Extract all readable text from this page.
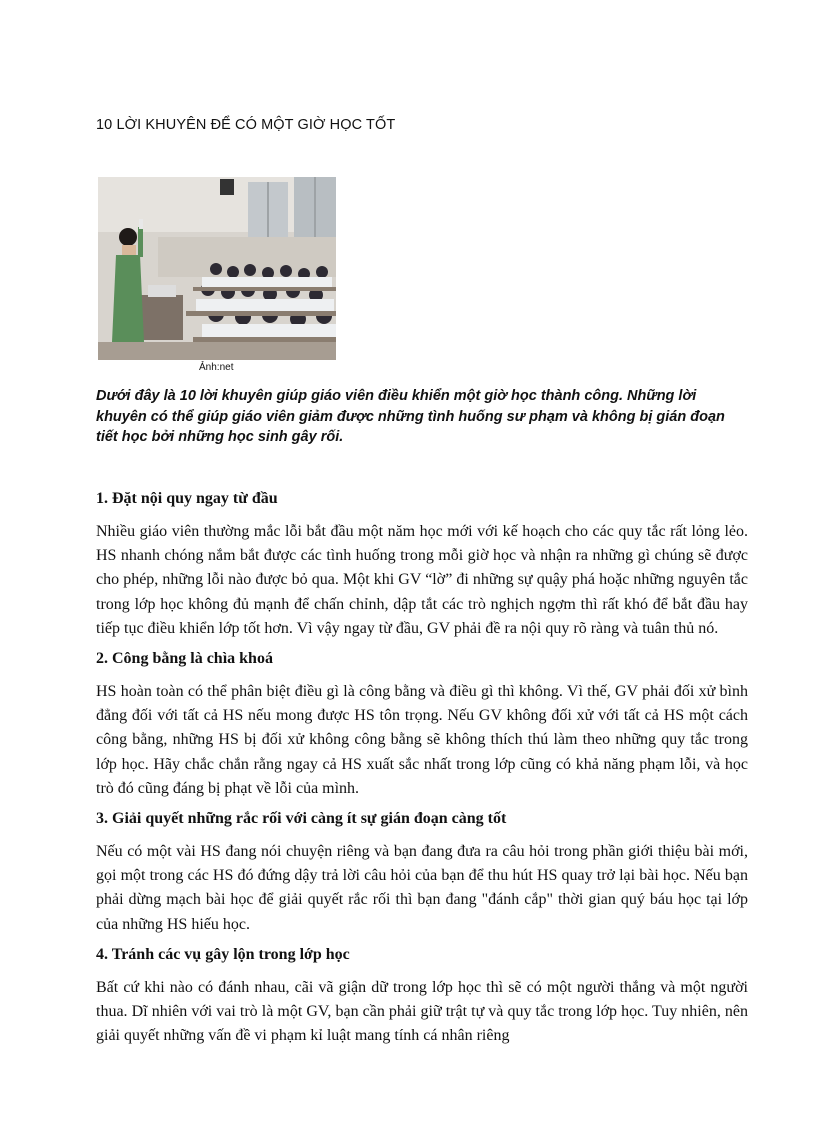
10 LỜI KHUYÊN ĐỂ CÓ MỘT GIỜ HỌC TỐT
Ảnh:net
Dưới đây là 10 lời khuyên giúp giáo viên điều khiển một giờ học thành công. Những lời khuyên có thể giúp giáo viên giảm được những tình huống sư phạm và không bị gián đoạn tiết học bởi những học sinh gây rối.
1. Đặt nội quy ngay từ đầu

Nhiều giáo viên thường mắc lỗi bắt đầu một năm học mới với kế hoạch cho các quy tắc rất lỏng lẻo. HS nhanh chóng nắm bắt được các tình huống trong mỗi giờ học và nhận ra những gì chúng sẽ được cho phép, những lỗi nào được bỏ qua. Một khi GV “lờ” đi những sự quậy phá hoặc những nguyên tắc trong lớp học không đủ mạnh để chấn chỉnh, dập tắt các trò nghịch ngợm thì rất khó để bắt đầu hay tiếp tục điều khiển lớp tốt hơn. Vì vậy ngay từ đầu, GV phải đề ra nội quy rõ ràng và tuân thủ nó.

2. Công bằng là chìa khoá

HS hoàn toàn có thể phân biệt điều gì là công bằng và điều gì thì không. Vì thế, GV phải đối xử bình đẳng đối với tất cả HS nếu mong được HS tôn trọng. Nếu GV không đối xử với tất cả HS một cách công bằng, những HS bị đối xử không công bằng sẽ không thích thú làm theo những quy tắc trong lớp học. Hãy chắc chắn rằng ngay cả HS xuất sắc nhất trong lớp cũng có khả năng phạm lỗi, và học trò đó cũng đáng bị phạt về lỗi của mình.

3. Giải quyết những rắc rối với càng ít sự gián đoạn càng tốt

Nếu có một vài HS đang nói chuyện riêng và bạn đang đưa ra câu hỏi trong phần giới thiệu bài mới, gọi một trong các HS đó đứng dậy trả lời câu hỏi của bạn để thu hút HS quay trở lại bài học. Nếu bạn phải dừng mạch bài học để giải quyết rắc rối thì bạn đang "đánh cắp" thời gian quý báu học tại lớp của những HS hiếu học.

4. Tránh các vụ gây lộn trong lớp học

Bất cứ khi nào có đánh nhau, cãi vã giận dữ trong lớp học thì sẽ có một người thắng và một người thua. Dĩ nhiên với vai trò là một GV, bạn cần phải giữ trật tự và quy tắc trong lớp học. Tuy nhiên, nên giải quyết những vấn đề vi phạm kỉ luật mang tính cá nhân riêng
